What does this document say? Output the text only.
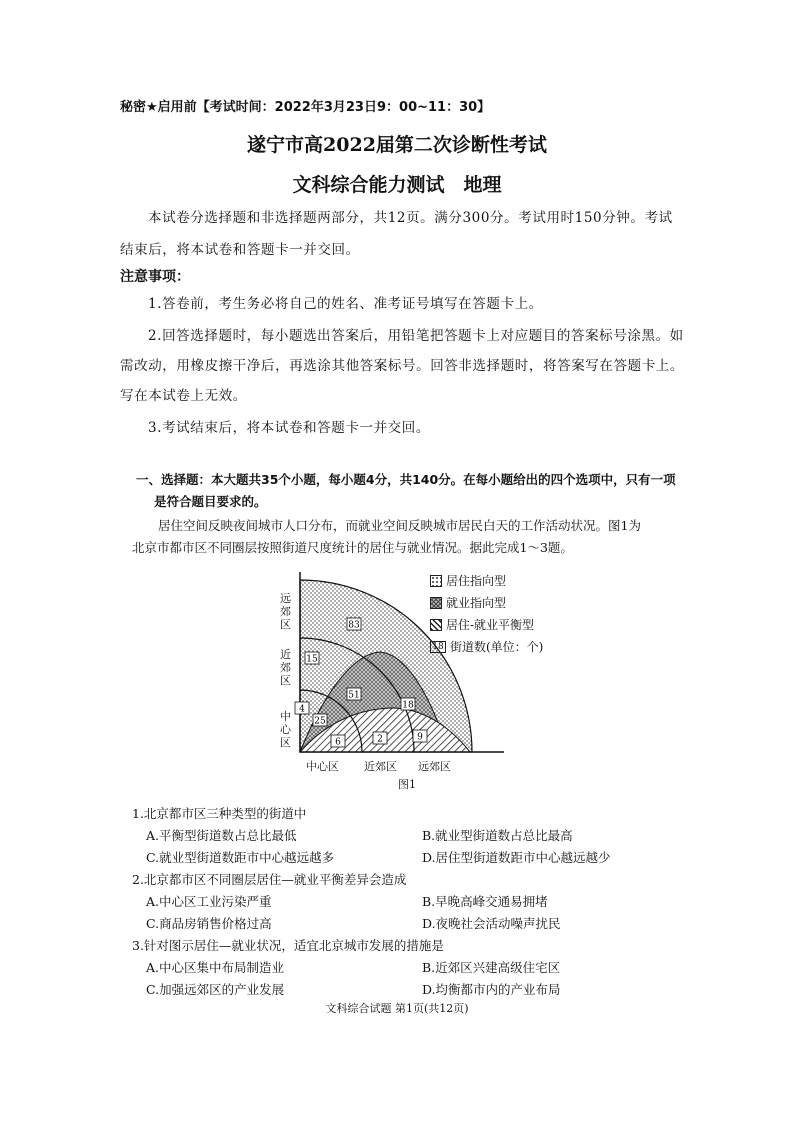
秘密★启用前【考试时间：2022年3月23日9：00~11：30】
遂宁市高2022届第二次诊断性考试
文科综合能力测试　地理
本试卷分选择题和非选择题两部分，共12页。满分300分。考试用时150分钟。考试
结束后，将本试卷和答题卡一并交回。
注意事项：
1.答卷前，考生务必将自己的姓名、准考证号填写在答题卡上。
2.回答选择题时，每小题选出答案后，用铅笔把答题卡上对应题目的答案标号涂黑。如
需改动，用橡皮擦干净后，再选涂其他答案标号。回答非选择题时，将答案写在答题卡上。
写在本试卷上无效。
3.考试结束后，将本试卷和答题卡一并交回。
一、选择题：本大题共35个小题，每小题4分，共140分。在每小题给出的四个选项中，只有一项
是符合题目要求的。
居住空间反映夜间城市人口分布，而就业空间反映城市居民白天的工作活动状况。图1为
北京市都市区不同圈层按照街道尺度统计的居住与就业情况。据此完成1～3题。
83
15
4
51
18
25
6	2	9
远郊区
近郊区
中心区
中心区 近郊区 远郊区
居住指向型
就业指向型
居住-就业平衡型
18 街道数(单位：个)
图1
1.北京都市区三种类型的街道中
A.平衡型街道数占总比最低	B.就业型街道数占总比最高
C.就业型街道数距市中心越远越多	D.居住型街道数距市中心越远越少
2.北京都市区不同圈层居住—就业平衡差异会造成
A.中心区工业污染严重	B.早晚高峰交通易拥堵
C.商品房销售价格过高	D.夜晚社会活动噪声扰民
3.针对图示居住—就业状况，适宜北京城市发展的措施是
A.中心区集中布局制造业	B.近郊区兴建高级住宅区
C.加强远郊区的产业发展	D.均衡都市内的产业布局
文科综合试题 第1页(共12页)
